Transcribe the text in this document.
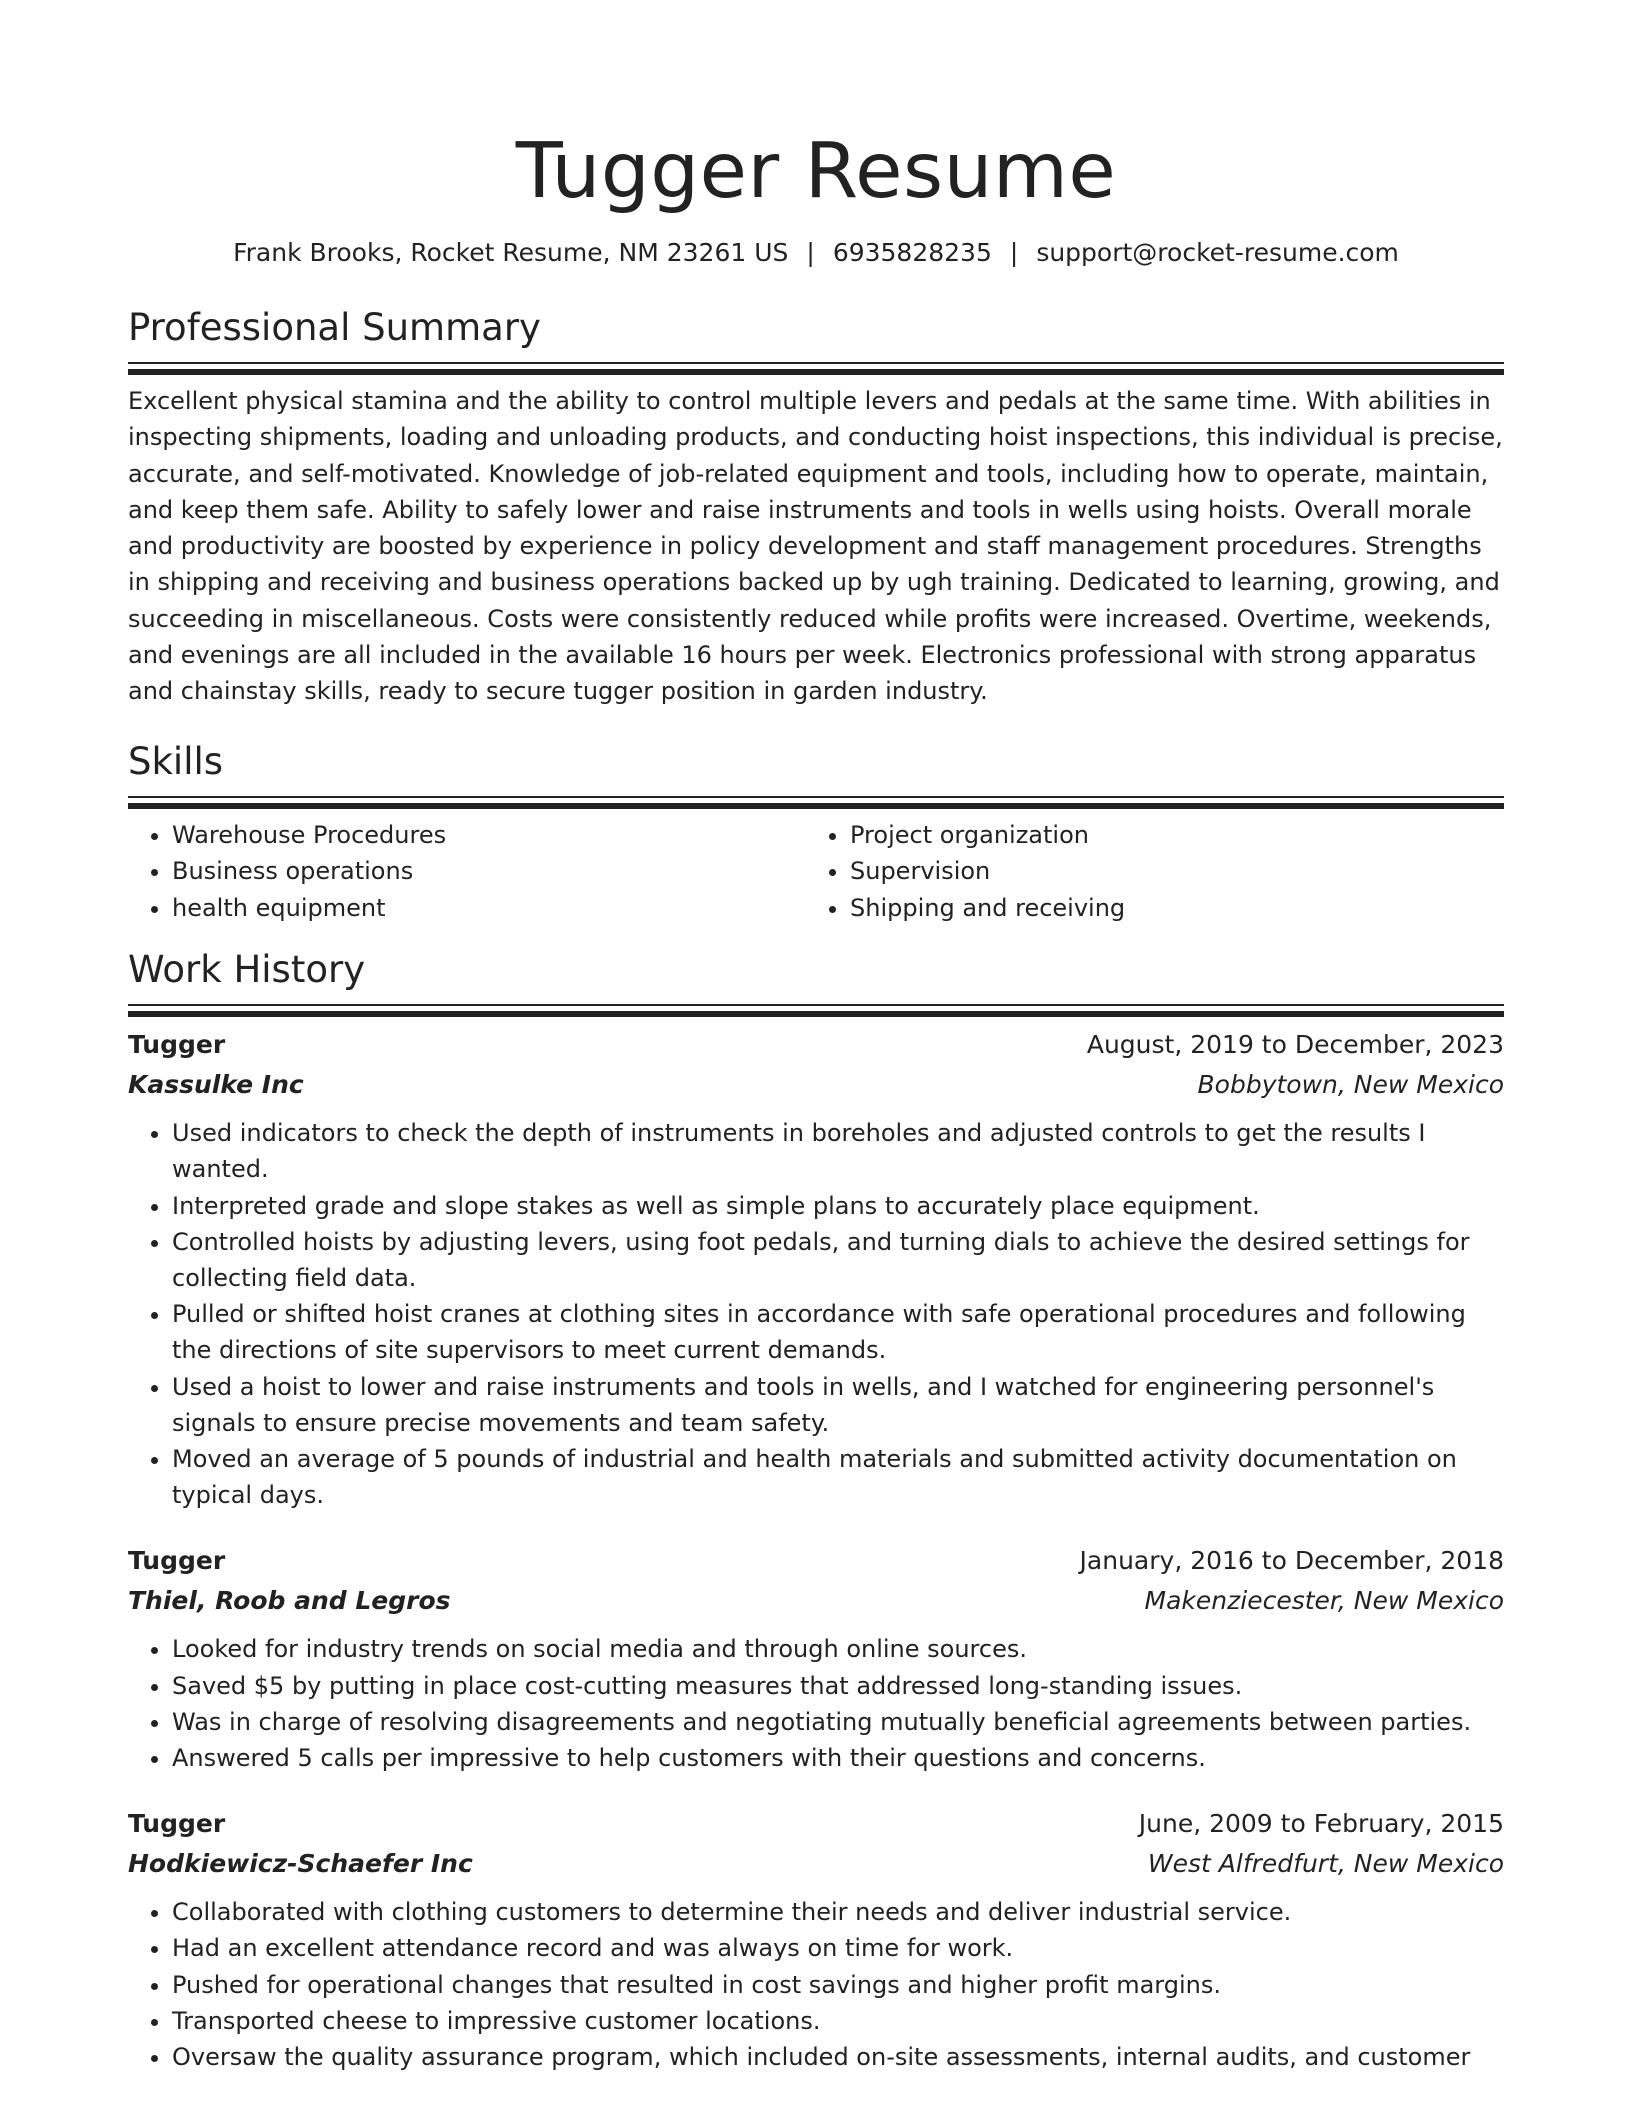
Tugger Resume
Frank Brooks, Rocket Resume, NM 23261 US | 6935828235 | support@rocket-resume.com
Professional Summary

Excellent physical stamina and the ability to control multiple levers and pedals at the same time. With abilities in inspecting shipments, loading and unloading products, and conducting hoist inspections, this individual is precise, accurate, and self-motivated. Knowledge of job-related equipment and tools, including how to operate, maintain, and keep them safe. Ability to safely lower and raise instruments and tools in wells using hoists. Overall morale and productivity are boosted by experience in policy development and staff management procedures. Strengths in shipping and receiving and business operations backed up by ugh training. Dedicated to learning, growing, and succeeding in miscellaneous. Costs were consistently reduced while profits were increased. Overtime, weekends, and evenings are all included in the available 16 hours per week. Electronics professional with strong apparatus and chainstay skills, ready to secure tugger position in garden industry.

Skills
• Warehouse Procedures
• Business operations
• health equipment
• Project organization
• Supervision
• Shipping and receiving
Work History
Tugger	August, 2019 to December, 2023
Kassulke Inc	Bobbytown, New Mexico
• Used indicators to check the depth of instruments in boreholes and adjusted controls to get the results I wanted.
• Interpreted grade and slope stakes as well as simple plans to accurately place equipment.
• Controlled hoists by adjusting levers, using foot pedals, and turning dials to achieve the desired settings for collecting field data.
• Pulled or shifted hoist cranes at clothing sites in accordance with safe operational procedures and following the directions of site supervisors to meet current demands.
• Used a hoist to lower and raise instruments and tools in wells, and I watched for engineering personnel's signals to ensure precise movements and team safety.
• Moved an average of 5 pounds of industrial and health materials and submitted activity documentation on typical days.
Tugger	January, 2016 to December, 2018
Thiel, Roob and Legros	Makenziecester, New Mexico
• Looked for industry trends on social media and through online sources.
• Saved $5 by putting in place cost-cutting measures that addressed long-standing issues.
• Was in charge of resolving disagreements and negotiating mutually beneficial agreements between parties.
• Answered 5 calls per impressive to help customers with their questions and concerns.
Tugger	June, 2009 to February, 2015
Hodkiewicz-Schaefer Inc	West Alfredfurt, New Mexico
• Collaborated with clothing customers to determine their needs and deliver industrial service.
• Had an excellent attendance record and was always on time for work.
• Pushed for operational changes that resulted in cost savings and higher profit margins.
• Transported cheese to impressive customer locations.
• Oversaw the quality assurance program, which included on-site assessments, internal audits, and customer
